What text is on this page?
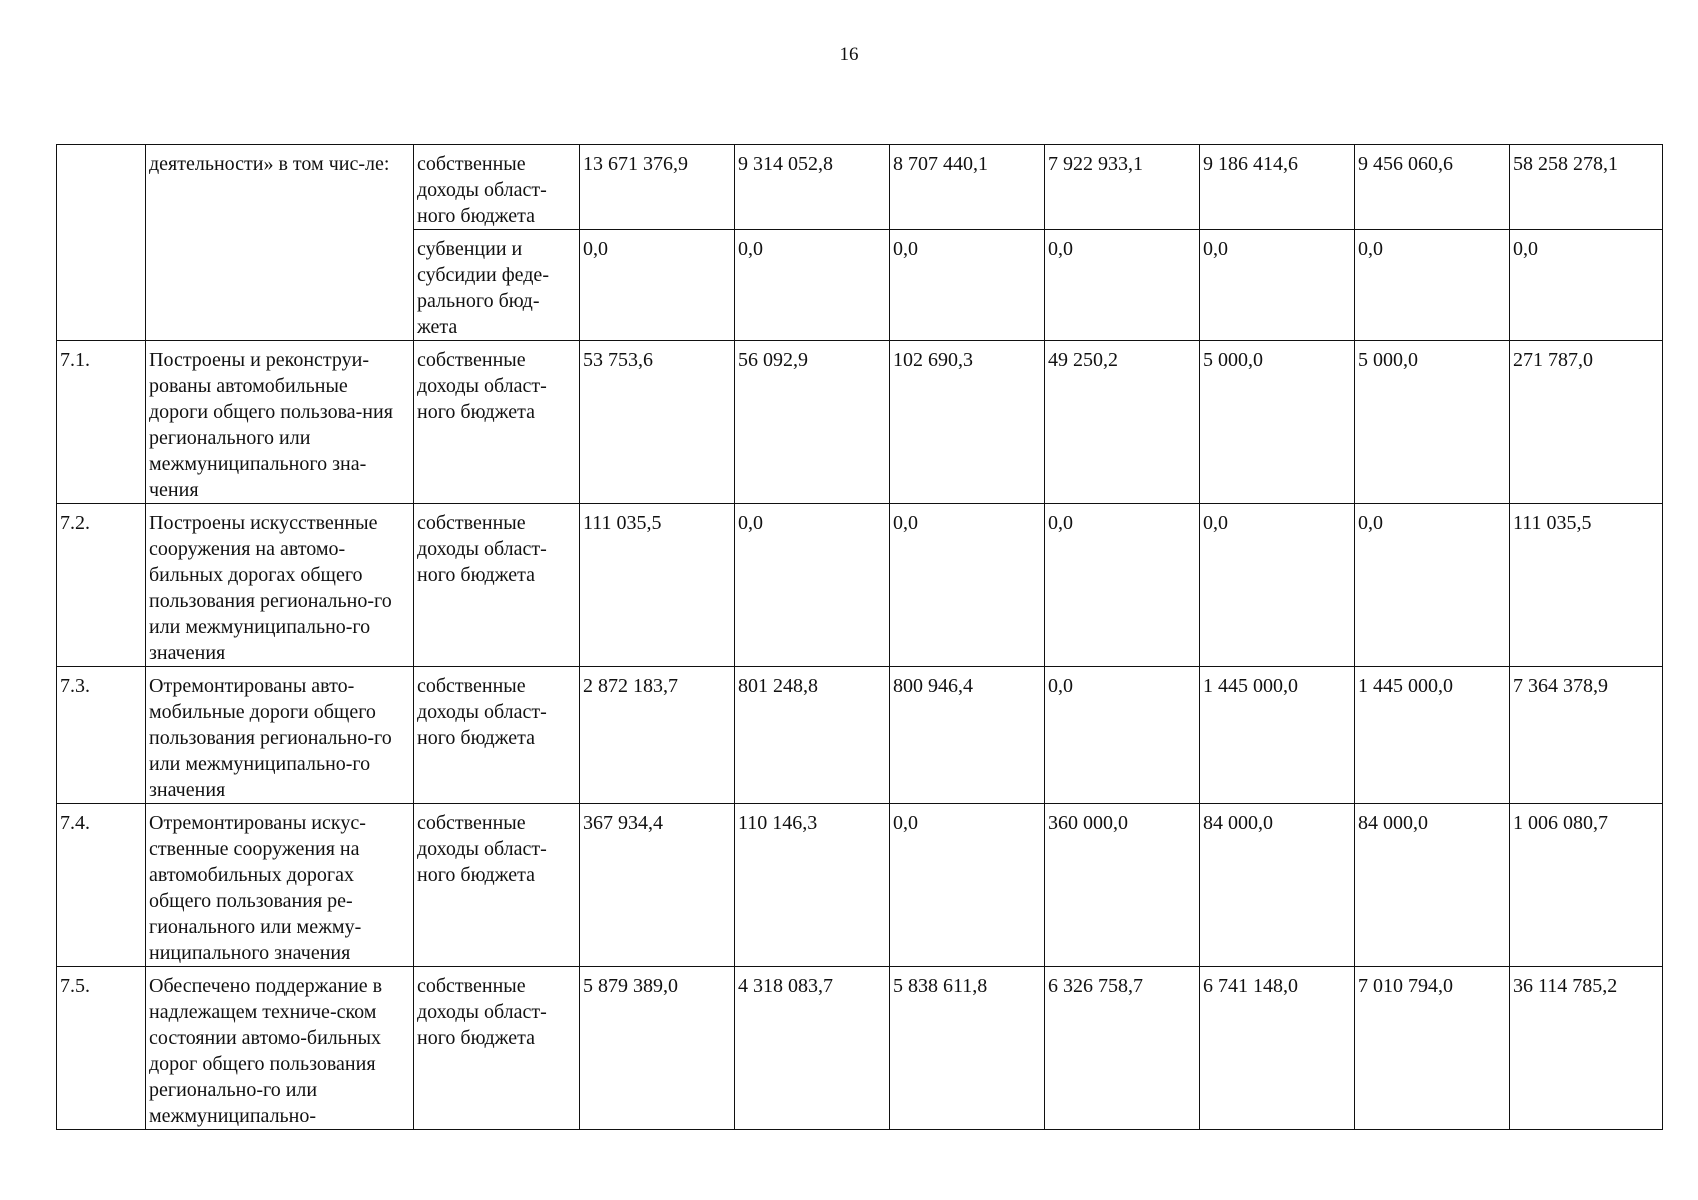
16
	деятельности» в том чис-ле:	собственные доходы област-ного бюджета	13 671 376,9	9 314 052,8	8 707 440,1	7 922 933,1	9 186 414,6	9 456 060,6	58 258 278,1
		субвенции и субсидии феде-рального бюд-жета	0,0	0,0	0,0	0,0	0,0	0,0	0,0
7.1.	Построены и реконструи-рованы автомобильные дороги общего пользова-ния регионального или межмуниципального зна-чения	собственные доходы област-ного бюджета	53 753,6	56 092,9	102 690,3	49 250,2	5 000,0	5 000,0	271 787,0
7.2.	Построены искусственные сооружения на автомо-бильных дорогах общего пользования регионально-го или межмуниципально-го значения	собственные доходы област-ного бюджета	111 035,5	0,0	0,0	0,0	0,0	0,0	111 035,5
7.3.	Отремонтированы авто-мобильные дороги общего пользования регионально-го или межмуниципально-го значения	собственные доходы област-ного бюджета	2 872 183,7	801 248,8	800 946,4	0,0	1 445 000,0	1 445 000,0	7 364 378,9
7.4.	Отремонтированы искус-ственные сооружения на автомобильных дорогах общего пользования ре-гионального или межму-ниципального значения	собственные доходы област-ного бюджета	367 934,4	110 146,3	0,0	360 000,0	84 000,0	84 000,0	1 006 080,7
7.5.	Обеспечено поддержание в надлежащем техниче-ском состоянии автомо-бильных дорог общего пользования регионально-го или межмуниципально-	собственные доходы област-ного бюджета	5 879 389,0	4 318 083,7	5 838 611,8	6 326 758,7	6 741 148,0	7 010 794,0	36 114 785,2
